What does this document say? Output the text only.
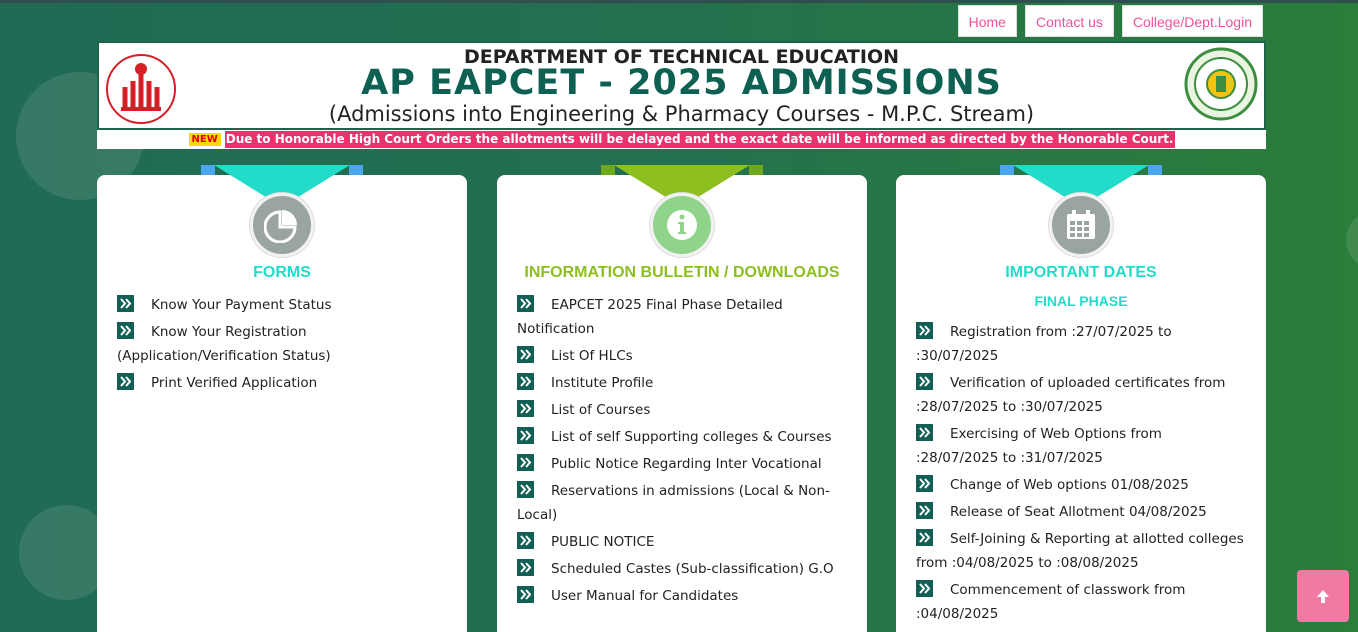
Home	Contact us	College/Dept.Login
DEPARTMENT OF TECHNICAL EDUCATION
AP EAPCET - 2025 ADMISSIONS
(Admissions into Engineering & Pharmacy Courses - M.P.C. Stream)
NEW Due to Honorable High Court Orders the allotments will be delayed and the exact date will be informed as directed by the Honorable Court.
FORMS
Know Your Payment Status
Know Your Registration (Application/Verification Status)
Print Verified Application
INFORMATION BULLETIN / DOWNLOADS
EAPCET 2025 Final Phase Detailed Notification
List Of HLCs
Institute Profile
List of Courses
List of self Supporting colleges & Courses
Public Notice Regarding Inter Vocational
Reservations in admissions (Local & Non-Local)
PUBLIC NOTICE
Scheduled Castes (Sub-classification) G.O
User Manual for Candidates
IMPORTANT DATES
FINAL PHASE
Registration from :27/07/2025 to :30/07/2025
Verification of uploaded certificates from :28/07/2025 to :30/07/2025
Exercising of Web Options from :28/07/2025 to :31/07/2025
Change of Web options 01/08/2025
Release of Seat Allotment 04/08/2025
Self-Joining & Reporting at allotted colleges from :04/08/2025 to :08/08/2025
Commencement of classwork from :04/08/2025
